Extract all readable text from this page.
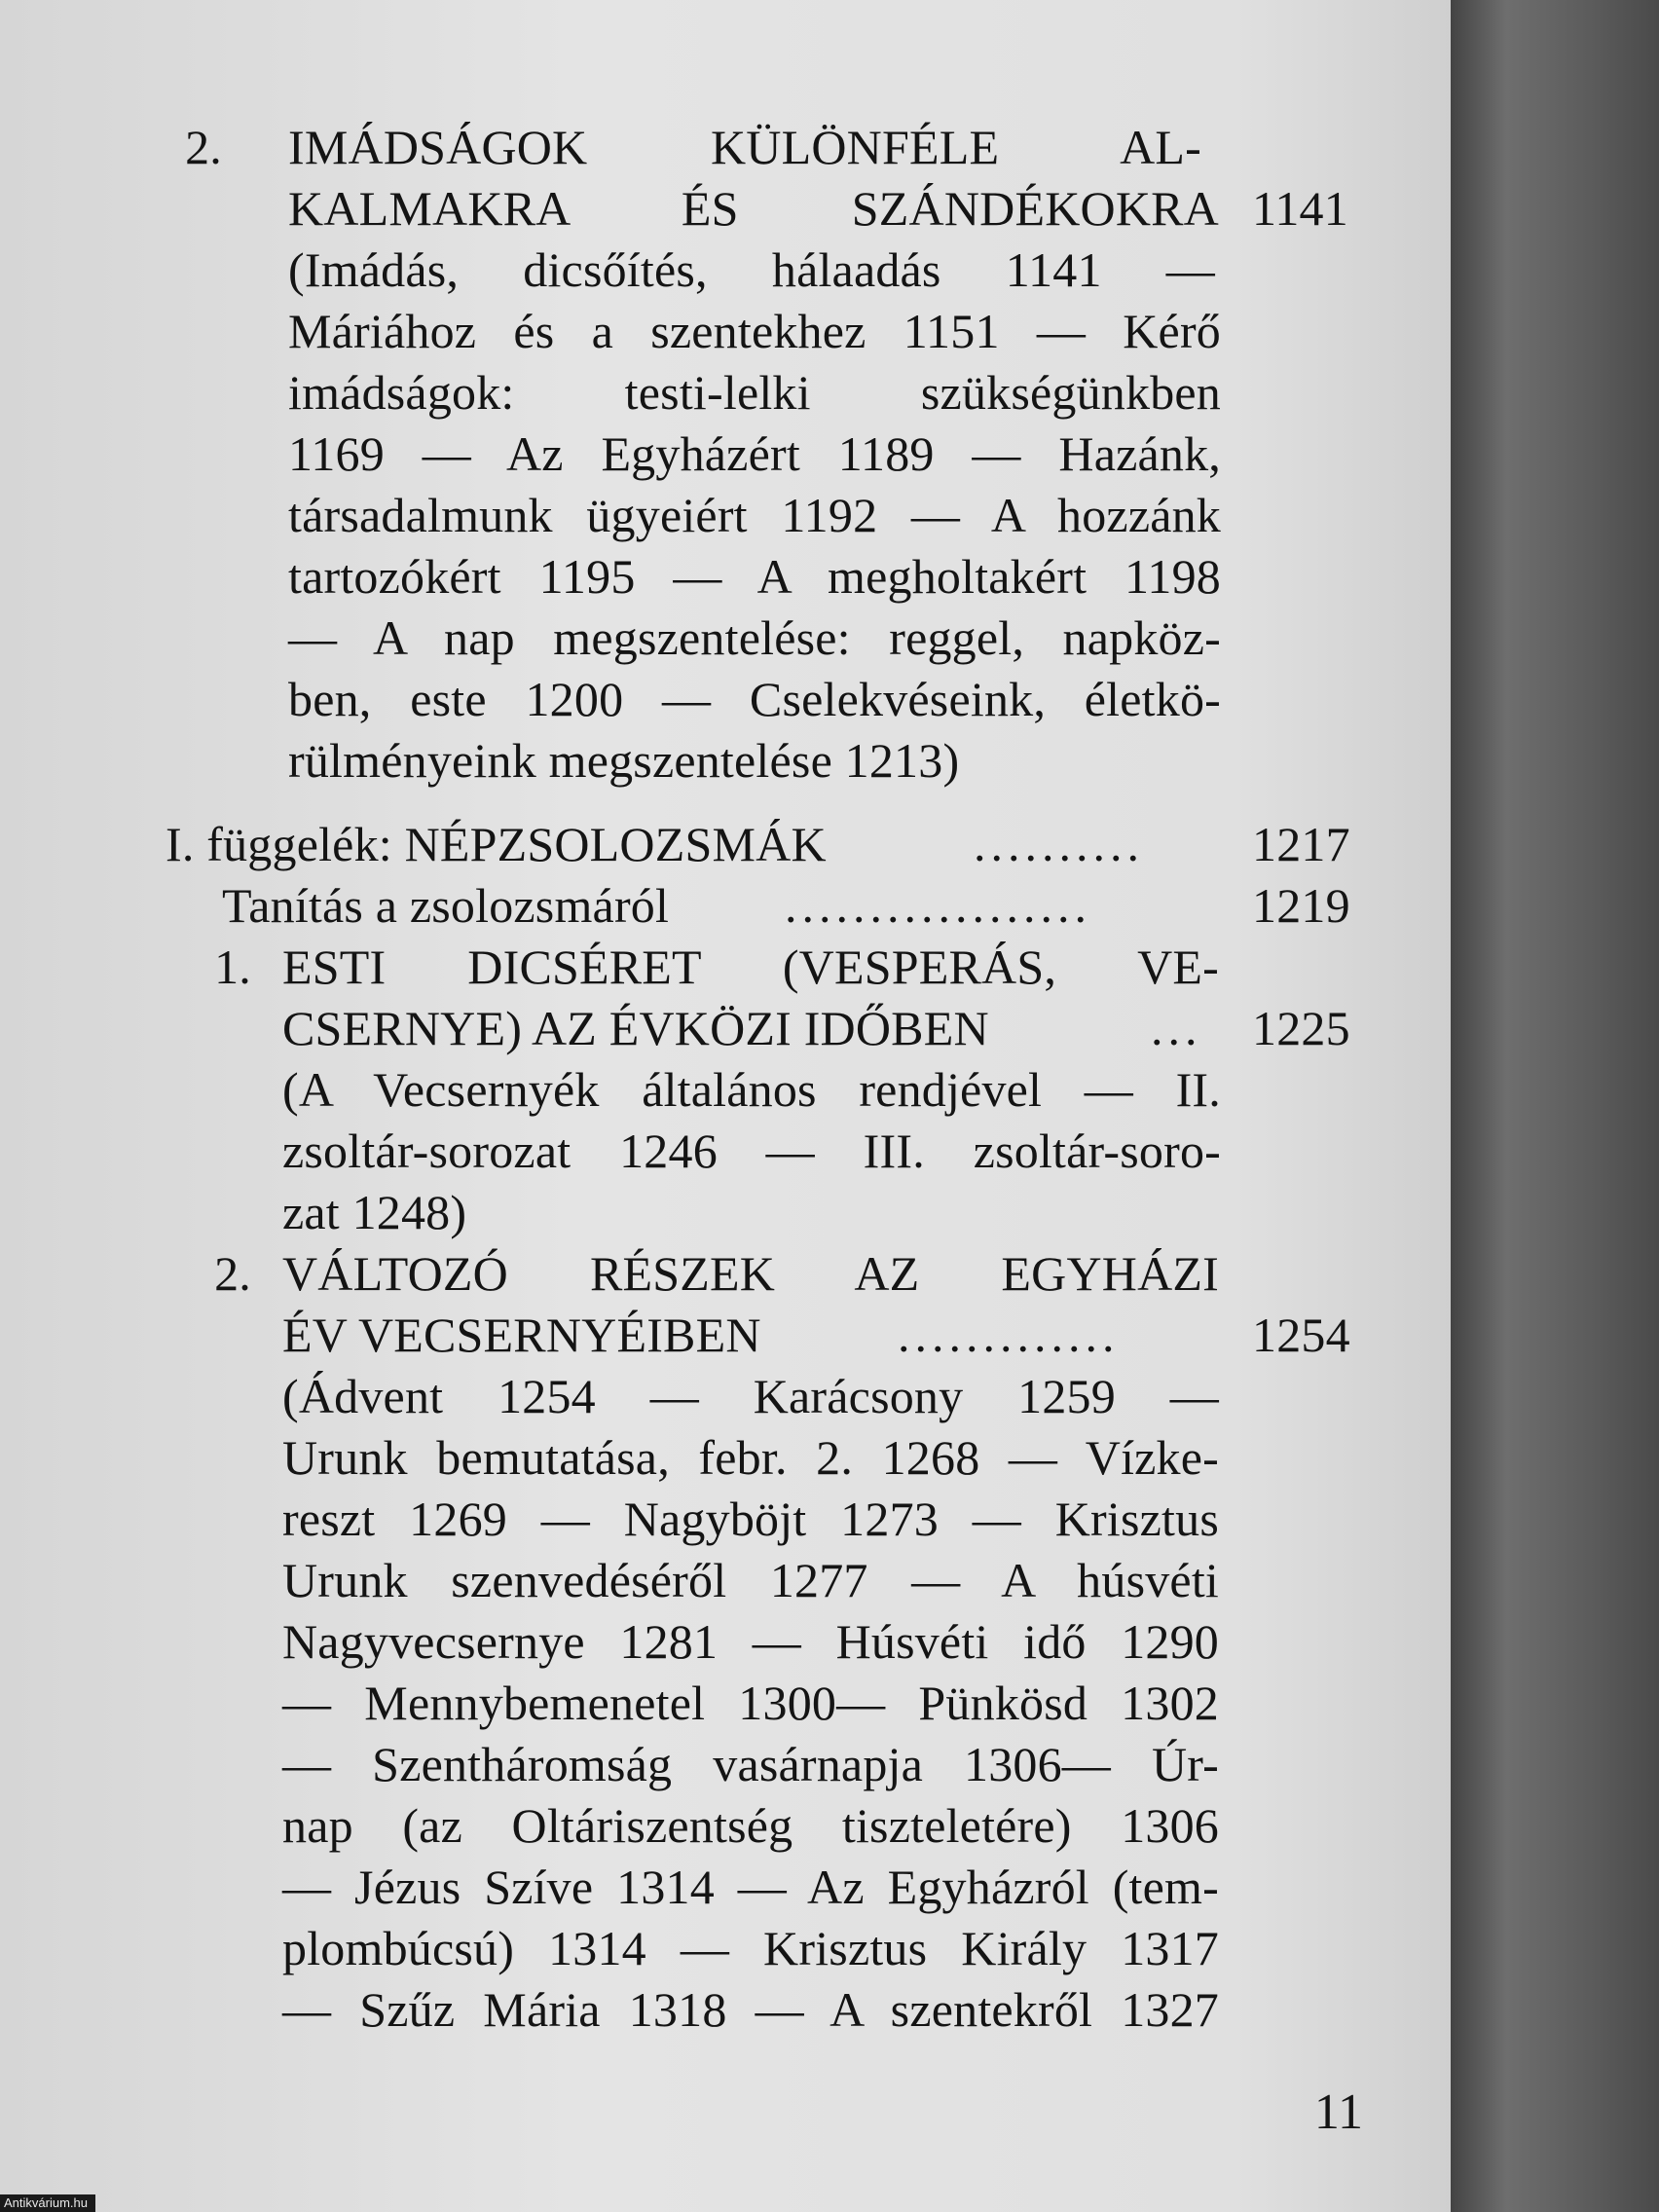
2. IMÁDSÁGOK KÜLÖNFÉLE AL-
KALMAKRA ÉS SZÁNDÉKOKRA 1141
(Imádás, dicsőítés, hálaadás 1141 —
Máriához és a szentekhez 1151 — Kérő
imádságok: testi-lelki szükségünkben
1169 — Az Egyházért 1189 — Hazánk,
társadalmunk ügyeiért 1192 — A hozzánk
tartozókért 1195 — A megholtakért 1198
— A nap megszentelése: reggel, napköz-
ben, este 1200 — Cselekvéseink, életkö-
rülményeink megszentelése 1213)
I. függelék: NÉPZSOLOZSMÁK	.......... 1217
Tanítás a zsolozsmáról ..................	1219
1. ESTI DICSÉRET (VESPERÁS, VE-
CSERNYE) AZ ÉVKÖZI IDŐBEN	... 1225
(A Vecsernyék általános rendjével — II.
zsoltár-sorozat 1246 — III. zsoltár-soro-
zat 1248)
2. VÁLTOZÓ RÉSZEK AZ EGYHÁZI
ÉV VECSERNYÉIBEN	.............	1254
(Ádvent 1254 — Karácsony 1259 —
Urunk bemutatása, febr. 2. 1268 — Vízke-
reszt 1269 — Nagyböjt 1273 — Krisztus
Urunk szenvedéséről 1277 — A húsvéti
Nagyvecsernye 1281 — Húsvéti idő 1290
— Mennybemenetel 1300— Pünkösd 1302
— Szentháromság vasárnapja 1306— Úr-
nap (az Oltáriszentség tiszteletére) 1306
— Jézus Szíve 1314 — Az Egyházról (tem-
plombúcsú) 1314 — Krisztus Király 1317
— Szűz Mária 1318 — A szentekről 1327
11
Antikvárium.hu
